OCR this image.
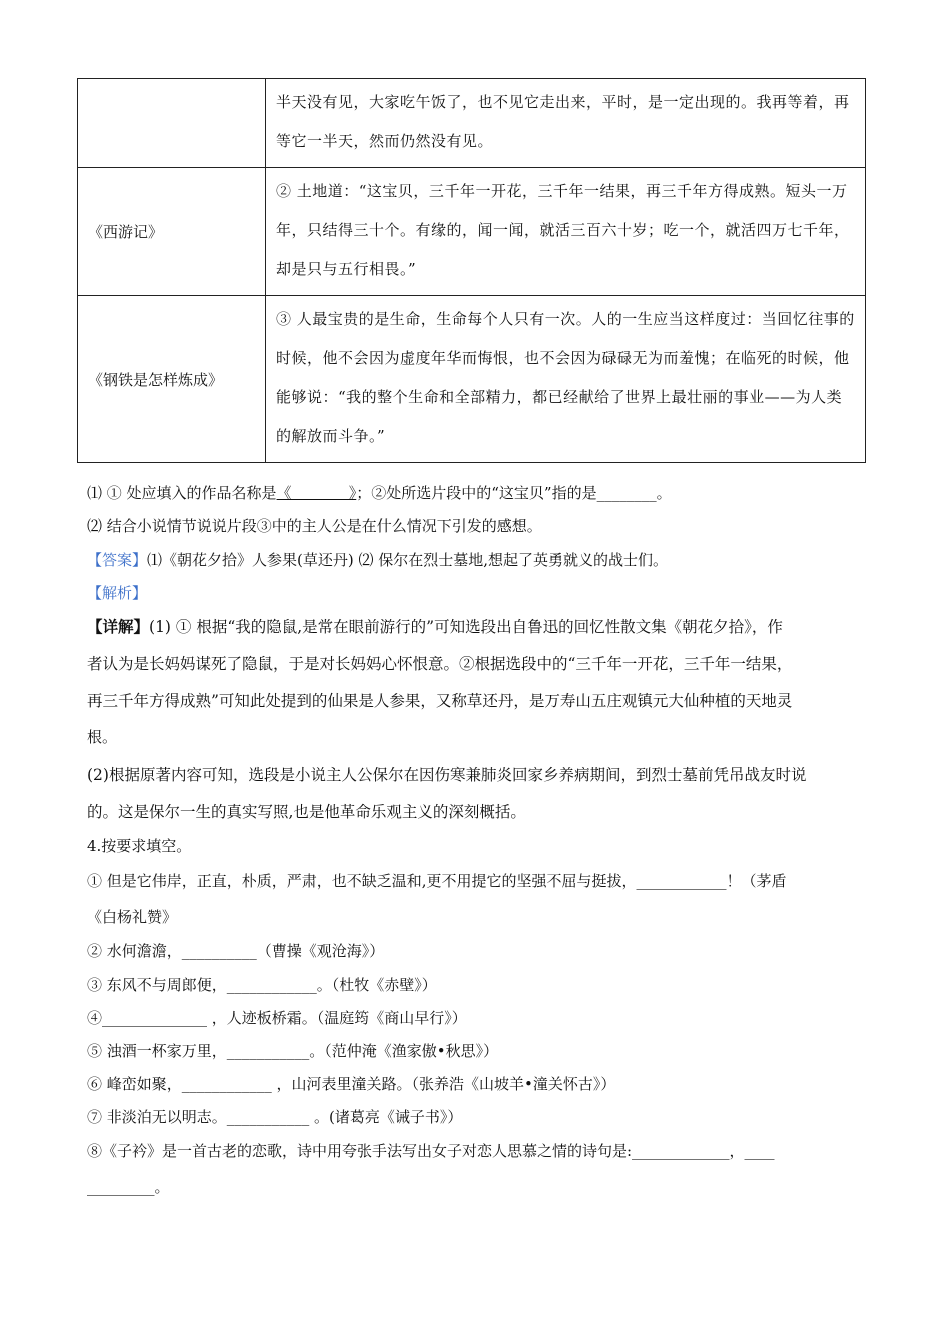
	半天没有见，大家吃午饭了，也不见它走出来，平时，是一定出现的。我再等着，再等它一半天，然而仍然没有见。
《西游记》	② 土地道：“这宝贝，三千年一开花，三千年一结果，再三千年方得成熟。短头一万年，只结得三十个。有缘的，闻一闻，就活三百六十岁；吃一个，就活四万七千年，却是只与五行相畏。”
《钢铁是怎样炼成》	③ 人最宝贵的是生命，生命每个人只有一次。人的一生应当这样度过：当回忆往事的时候，他不会因为虚度年华而悔恨，也不会因为碌碌无为而羞愧；在临死的时候，他能够说：“我的整个生命和全部精力，都已经献给了世界上最壮丽的事业——为人类的解放而斗争。”
⑴ ① 处应填入的作品名称是《            》；②处所选片段中的“这宝贝”指的是________。
⑵ 结合小说情节说说片段③中的主人公是在什么情况下引发的感想。
【答案】⑴《朝花夕拾》人参果(草还丹) ⑵ 保尔在烈士墓地,想起了英勇就义的战士们。
【解析】
【详解】(1) ① 根据“我的隐鼠,是常在眼前游行的”可知选段出自鲁迅的回忆性散文集《朝花夕拾》，作
者认为是长妈妈谋死了隐鼠，于是对长妈妈心怀恨意。②根据选段中的“三千年一开花，三千年一结果，
再三千年方得成熟”可知此处提到的仙果是人参果，又称草还丹，是万寿山五庄观镇元大仙种植的天地灵
根。
(2)根据原著内容可知，选段是小说主人公保尔在因伤寒兼肺炎回家乡养病期间，到烈士墓前凭吊战友时说
的。这是保尔一生的真实写照,也是他革命乐观主义的深刻概括。
4.按要求填空。
① 但是它伟岸，正直，朴质，严肃，也不缺乏温和,更不用提它的坚强不屈与挺拔，____________！（茅盾
《白杨礼赞》
② 水何澹澹，__________（曹操《观沧海》）
③ 东风不与周郎便，____________。（杜牧《赤壁》）
④______________ ，人迹板桥霜。（温庭筠《商山早行》）
⑤ 浊酒一杯家万里，___________。（范仲淹《渔家傲•秋思》）
⑥ 峰峦如聚，____________ ，山河表里潼关路。（张养浩《山坡羊•潼关怀古》）
⑦ 非淡泊无以明志。___________ 。(诸葛亮《诫子书》）
⑧《子衿》是一首古老的恋歌，诗中用夸张手法写出女子对恋人思慕之情的诗句是:_____________，____
_________。
